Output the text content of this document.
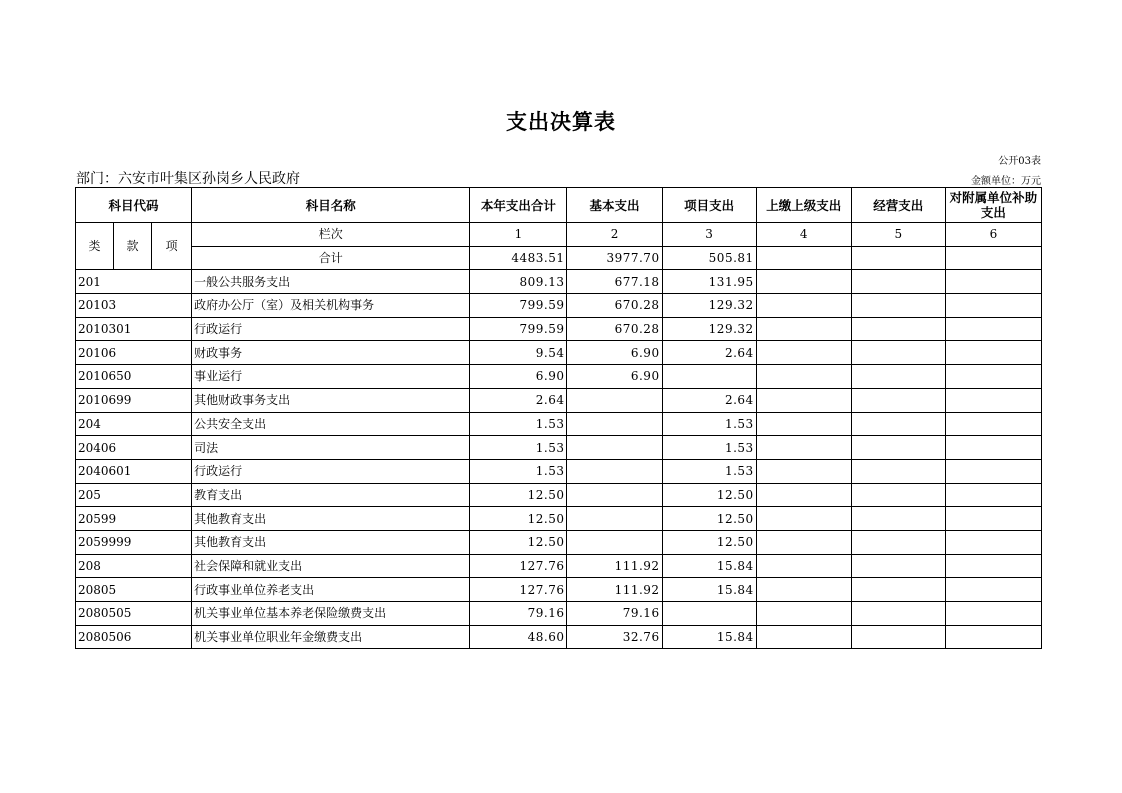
支出决算表
公开03表
部门：六安市叶集区孙岗乡人民政府	金额单位：万元
科目代码			科目名称	本年支出合计	基本支出	项目支出	上缴上级支出	经营支出	对附属单位补助支出
类	款	项	栏次	1	2	3	4	5	6
			合计	4483.51	3977.70	505.81			
201			一般公共服务支出	809.13	677.18	131.95			
20103			政府办公厅（室）及相关机构事务	799.59	670.28	129.32			
2010301			行政运行	799.59	670.28	129.32			
20106			财政事务	9.54	6.90	2.64			
2010650			事业运行	6.90	6.90				
2010699			其他财政事务支出	2.64		2.64			
204			公共安全支出	1.53		1.53			
20406			司法	1.53		1.53			
2040601			行政运行	1.53		1.53			
205			教育支出	12.50		12.50			
20599			其他教育支出	12.50		12.50			
2059999			其他教育支出	12.50		12.50			
208			社会保障和就业支出	127.76	111.92	15.84			
20805			行政事业单位养老支出	127.76	111.92	15.84			
2080505			机关事业单位基本养老保险缴费支出	79.16	79.16				
2080506			机关事业单位职业年金缴费支出	48.60	32.76	15.84			
